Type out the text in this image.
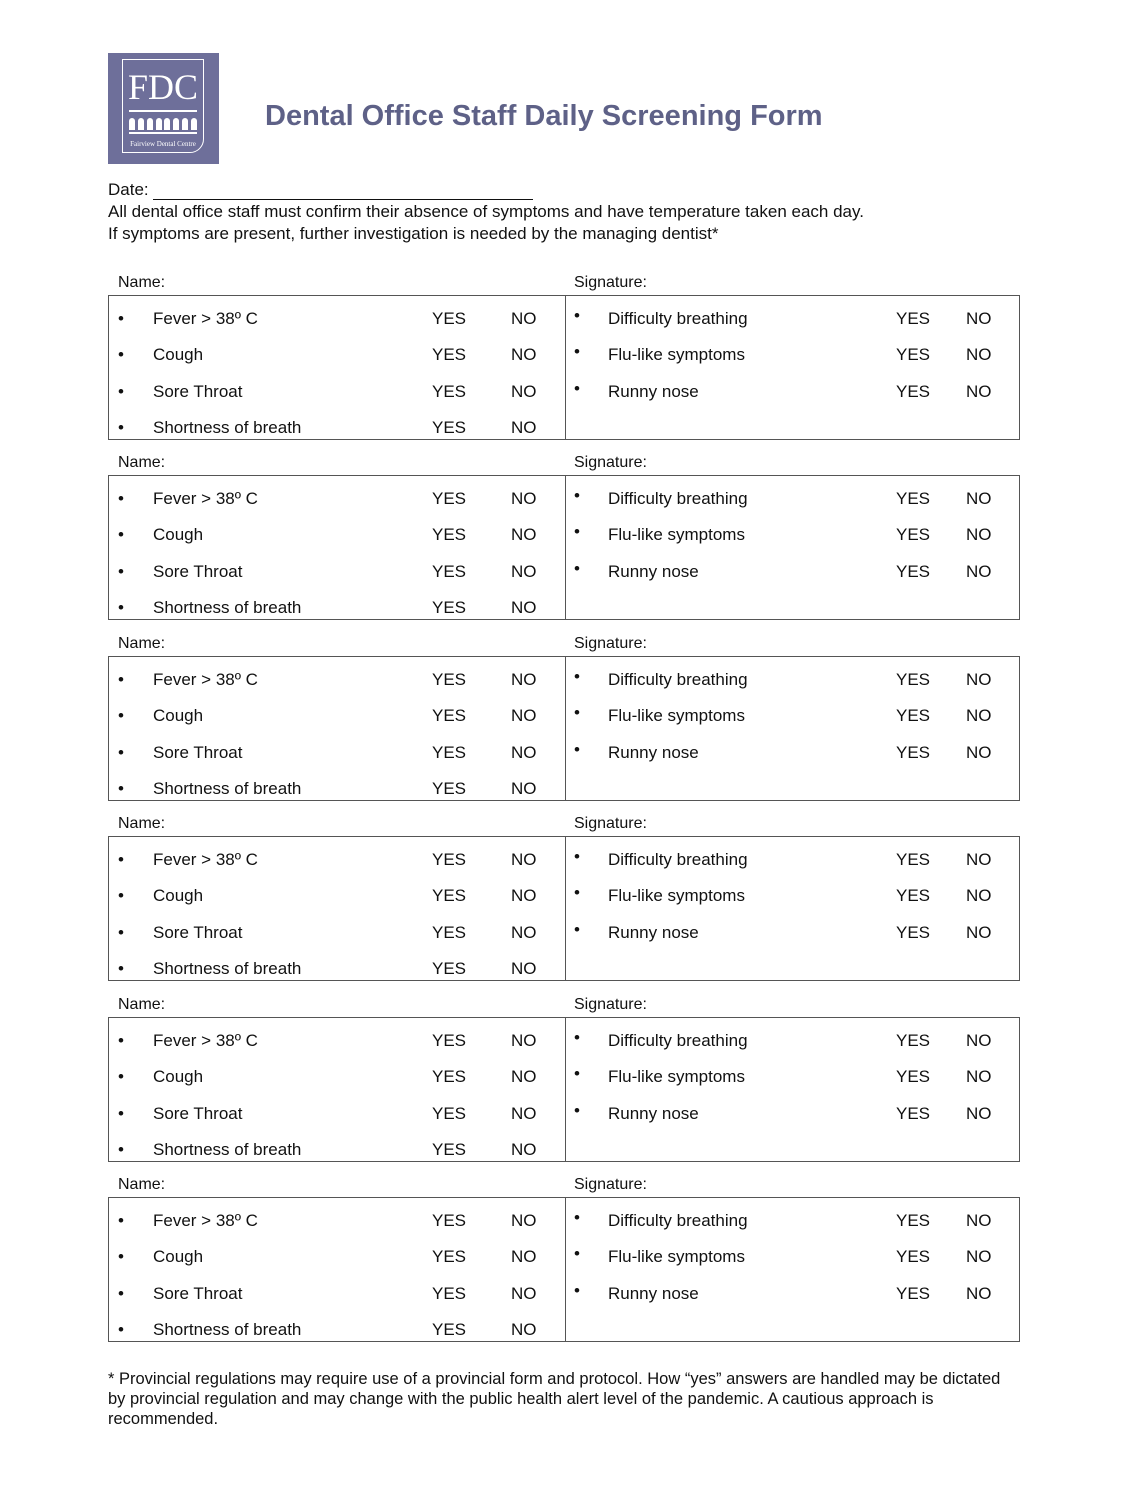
FDC
Fairview Dental Centre
Dental Office Staff Daily Screening Form
Date:
All dental office staff must confirm their absence of symptoms and have temperature taken each day.
If symptoms are present, further investigation is needed by the managing dentist*
Name:	Signature:
• Fever > 38º C	YES	NO
• Cough	YES	NO
• Sore Throat	YES	NO
• Shortness of breath	YES	NO
• Difficulty breathing	YES NO
• Flu-like symptoms	YES NO
• Runny nose	YES NO
Name:	Signature:
• Fever > 38º C	YES	NO
• Cough	YES	NO
• Sore Throat	YES	NO
• Shortness of breath	YES	NO
• Difficulty breathing	YES NO
• Flu-like symptoms	YES NO
• Runny nose	YES NO
Name:	Signature:
• Fever > 38º C	YES	NO
• Cough	YES	NO
• Sore Throat	YES	NO
• Shortness of breath	YES	NO
• Difficulty breathing	YES NO
• Flu-like symptoms	YES NO
• Runny nose	YES NO
Name:	Signature:
• Fever > 38º C	YES	NO
• Cough	YES	NO
• Sore Throat	YES	NO
• Shortness of breath	YES	NO
• Difficulty breathing	YES NO
• Flu-like symptoms	YES NO
• Runny nose	YES NO
Name:	Signature:
• Fever > 38º C	YES	NO
• Cough	YES	NO
• Sore Throat	YES	NO
• Shortness of breath	YES	NO
• Difficulty breathing	YES NO
• Flu-like symptoms	YES NO
• Runny nose	YES NO
Name:	Signature:
• Fever > 38º C	YES	NO
• Cough	YES	NO
• Sore Throat	YES	NO
• Shortness of breath	YES	NO
• Difficulty breathing	YES NO
• Flu-like symptoms	YES NO
• Runny nose	YES NO
* Provincial regulations may require use of a provincial form and protocol. How “yes” answers are handled may be dictated by provincial regulation and may change with the public health alert level of the pandemic. A cautious approach is recommended.
